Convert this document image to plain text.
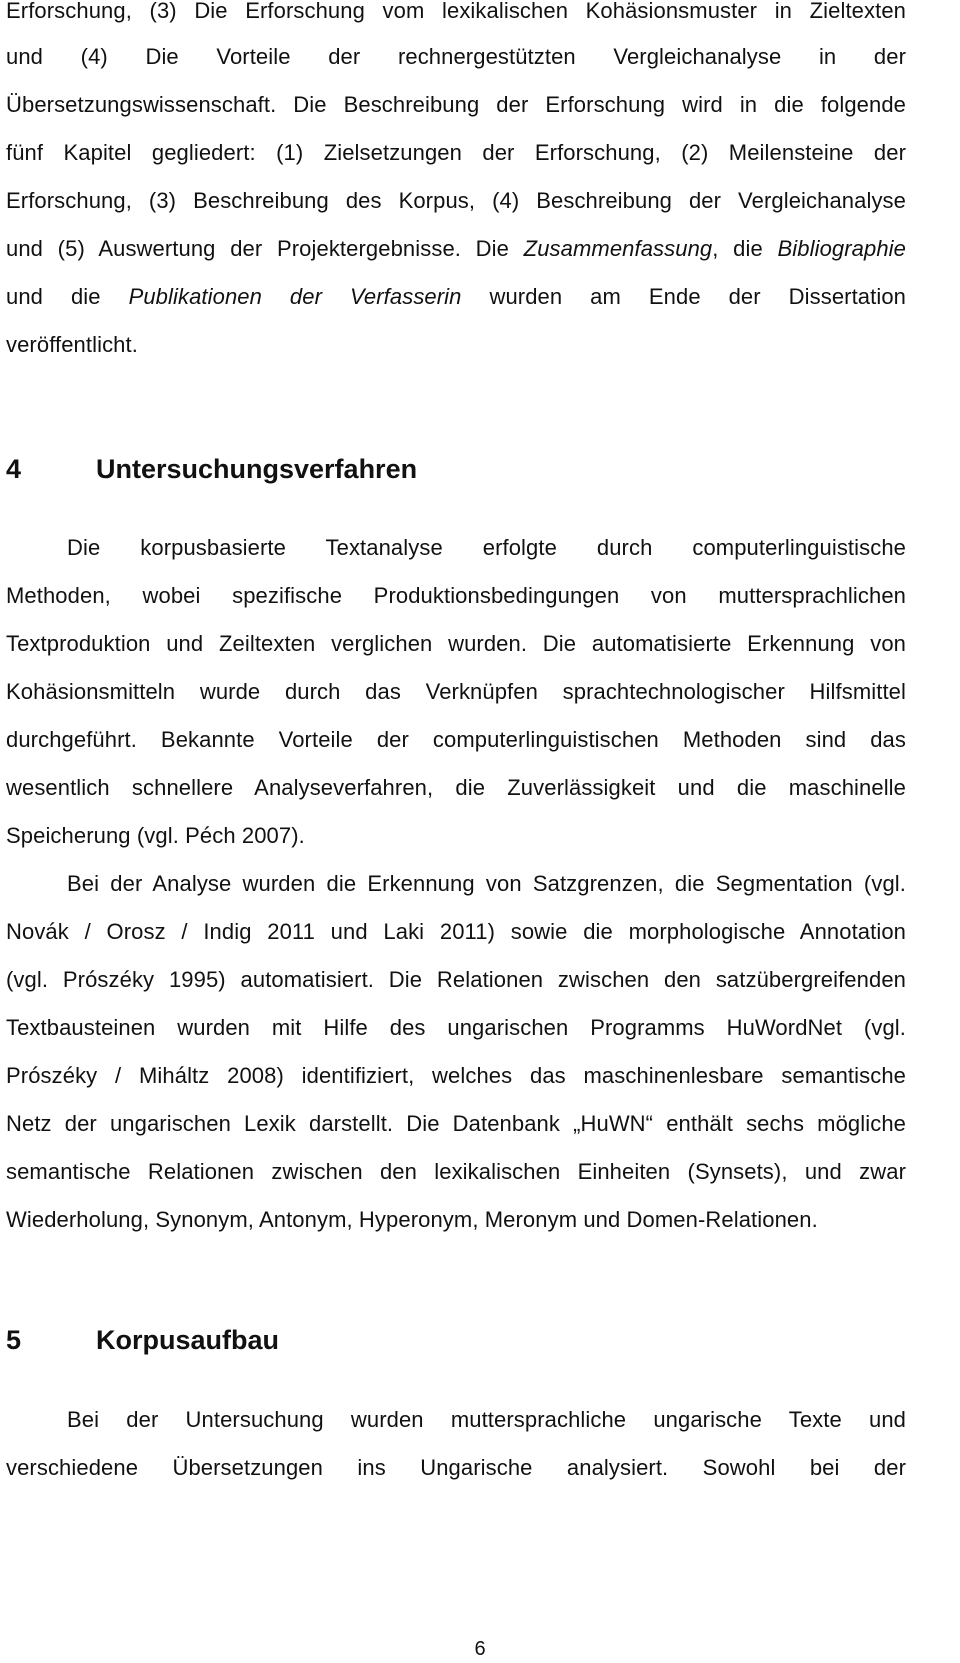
Erforschung, (3) Die Erforschung vom lexikalischen Kohäsionsmuster in Zieltexten
und (4) Die Vorteile der rechnergestützten Vergleichanalyse in der
Übersetzungswissenschaft. Die Beschreibung der Erforschung wird in die folgende
fünf Kapitel gegliedert: (1) Zielsetzungen der Erforschung, (2) Meilensteine der
Erforschung, (3) Beschreibung des Korpus, (4) Beschreibung der Vergleichanalyse
und (5) Auswertung der Projektergebnisse. Die Zusammenfassung, die Bibliographie
und die Publikationen der Verfasserin wurden am Ende der Dissertation
veröffentlicht.
4	Untersuchungsverfahren
Die korpusbasierte Textanalyse erfolgte durch computerlinguistische
Methoden, wobei spezifische Produktionsbedingungen von muttersprachlichen
Textproduktion und Zeiltexten verglichen wurden. Die automatisierte Erkennung von
Kohäsionsmitteln wurde durch das Verknüpfen sprachtechnologischer Hilfsmittel
durchgeführt. Bekannte Vorteile der computerlinguistischen Methoden sind das
wesentlich schnellere Analyseverfahren, die Zuverlässigkeit und die maschinelle
Speicherung (vgl. Péch 2007).
Bei der Analyse wurden die Erkennung von Satzgrenzen, die Segmentation (vgl.
Novák / Orosz / Indig 2011 und Laki 2011) sowie die morphologische Annotation
(vgl. Prószéky 1995) automatisiert. Die Relationen zwischen den satzübergreifenden
Textbausteinen wurden mit Hilfe des ungarischen Programms HuWordNet (vgl.
Prószéky / Miháltz 2008) identifiziert, welches das maschinenlesbare semantische
Netz der ungarischen Lexik darstellt. Die Datenbank „HuWN“ enthält sechs mögliche
semantische Relationen zwischen den lexikalischen Einheiten (Synsets), und zwar
Wiederholung, Synonym, Antonym, Hyperonym, Meronym und Domen-Relationen.
5	Korpusaufbau
Bei der Untersuchung wurden muttersprachliche ungarische Texte und
verschiedene Übersetzungen ins Ungarische analysiert. Sowohl bei der
6
